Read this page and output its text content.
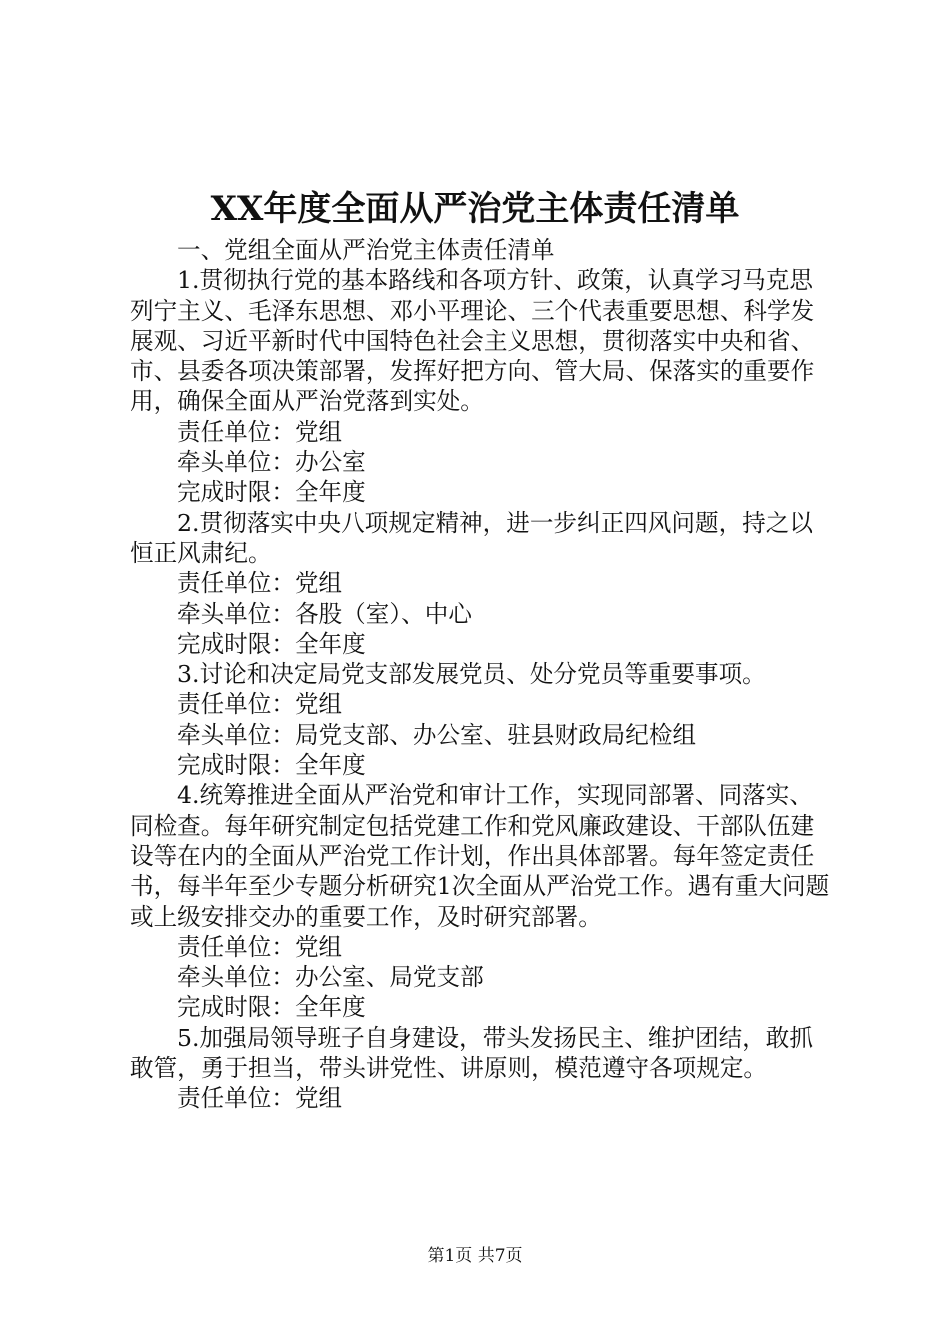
XX年度全面从严治党主体责任清单

一、党组全面从严治党主体责任清单

1.贯彻执行党的基本路线和各项方针、政策，认真学习马克思列宁主义、毛泽东思想、邓小平理论、三个代表重要思想、科学发展观、习近平新时代中国特色社会主义思想，贯彻落实中央和省、市、县委各项决策部署，发挥好把方向、管大局、保落实的重要作用，确保全面从严治党落到实处。

责任单位：党组

牵头单位：办公室

完成时限：全年度

2.贯彻落实中央八项规定精神，进一步纠正四风问题，持之以恒正风肃纪。

责任单位：党组

牵头单位：各股（室）、中心

完成时限：全年度

3.讨论和决定局党支部发展党员、处分党员等重要事项。

责任单位：党组

牵头单位：局党支部、办公室、驻县财政局纪检组

完成时限：全年度

4.统筹推进全面从严治党和审计工作，实现同部署、同落实、同检查。每年研究制定包括党建工作和党风廉政建设、干部队伍建设等在内的全面从严治党工作计划，作出具体部署。每年签定责任书，每半年至少专题分析研究1次全面从严治党工作。遇有重大问题或上级安排交办的重要工作，及时研究部署。

责任单位：党组

牵头单位：办公室、局党支部

完成时限：全年度

5.加强局领导班子自身建设，带头发扬民主、维护团结，敢抓敢管，勇于担当，带头讲党性、讲原则，模范遵守各项规定。

责任单位：党组

第1页 共7页
